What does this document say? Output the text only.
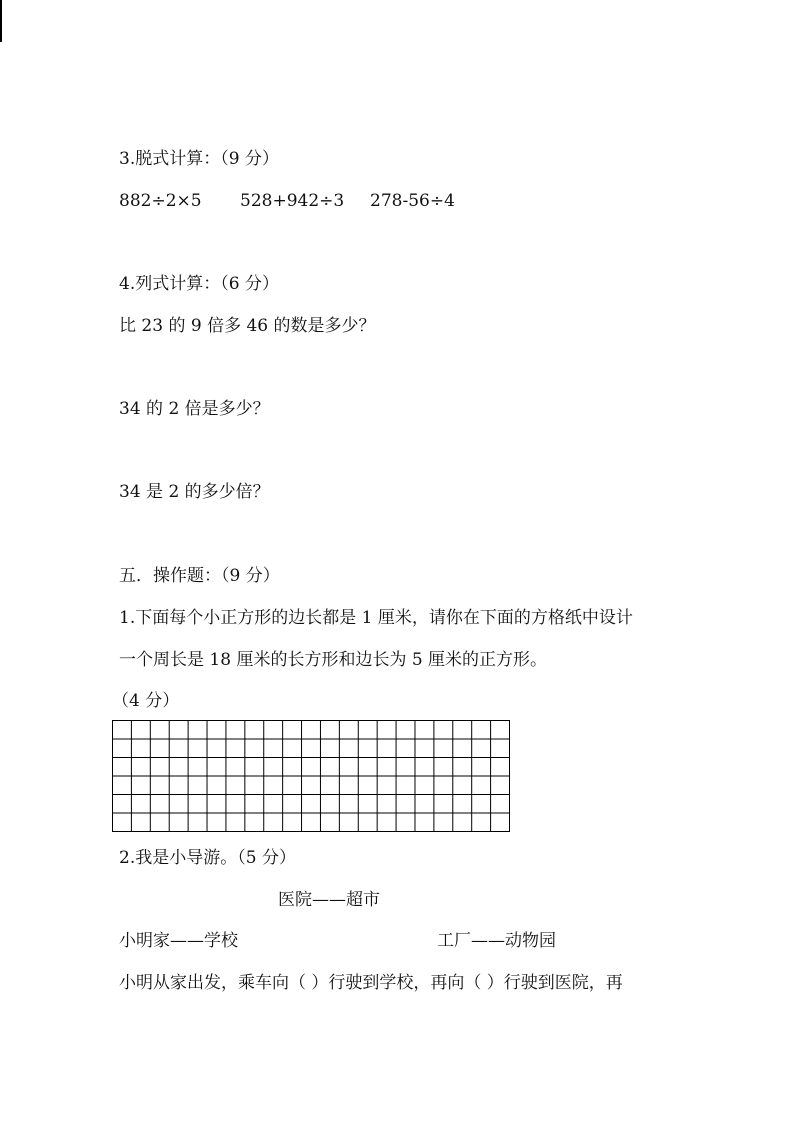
3.脱式计算：（9 分）
882÷2×5 528+942÷3 278-56÷4
4.列式计算：（6 分）
比 23 的 9 倍多 46 的数是多少？
34 的 2 倍是多少？
34 是 2 的多少倍？
五．操作题：（9 分）
1.下面每个小正方形的边长都是 1 厘米，请你在下面的方格纸中设计
一个周长是 18 厘米的长方形和边长为 5 厘米的正方形。
（4 分）
2.我是小导游。（5 分）
医院——超市
小明家——学校	工厂——动物园
小明从家出发，乘车向（ ）行驶到学校，再向（ ）行驶到医院，再
